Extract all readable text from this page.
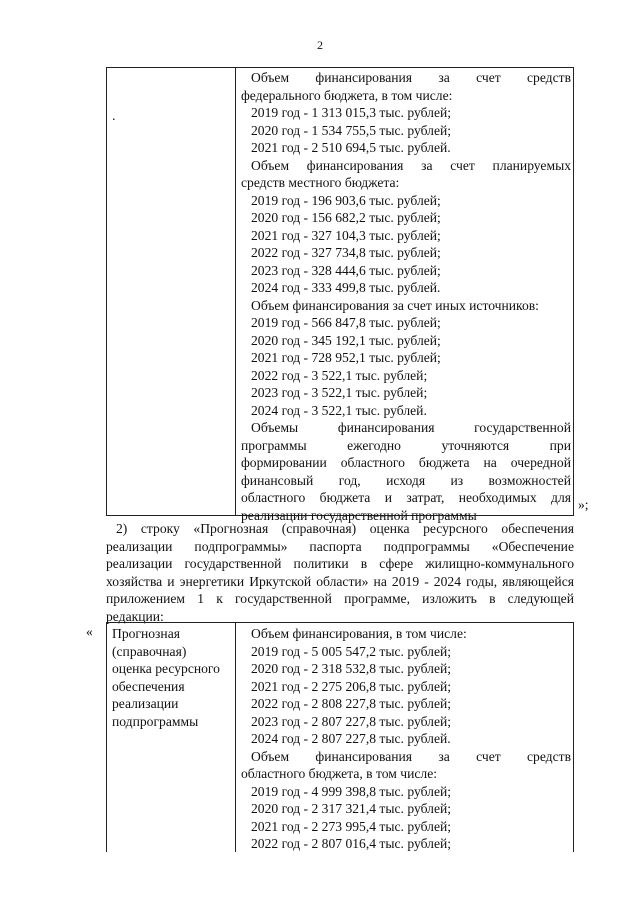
2
.
Объем финансирования за счет средств
федерального бюджета, в том числе:
2019 год - 1 313 015,3 тыс. рублей;
2020 год - 1 534 755,5 тыс. рублей;
2021 год - 2 510 694,5 тыс. рублей.
Объем финансирования за счет планируемых
средств местного бюджета:
2019 год - 196 903,6 тыс. рублей;
2020 год - 156 682,2 тыс. рублей;
2021 год - 327 104,3 тыс. рублей;
2022 год - 327 734,8 тыс. рублей;
2023 год - 328 444,6 тыс. рублей;
2024 год - 333 499,8 тыс. рублей.
Объем финансирования за счет иных источников:
2019 год - 566 847,8 тыс. рублей;
2020 год - 345 192,1 тыс. рублей;
2021 год - 728 952,1 тыс. рублей;
2022 год - 3 522,1 тыс. рублей;
2023 год - 3 522,1 тыс. рублей;
2024 год - 3 522,1 тыс. рублей.
Объемы финансирования государственной
программы ежегодно уточняются при
формировании областного бюджета на очередной
финансовый год, исходя из возможностей
областного бюджета и затрат, необходимых для
реализации государственной программы
»;
2) строку «Прогнозная (справочная) оценка ресурсного обеспечения
реализации подпрограммы» паспорта подпрограммы «Обеспечение
реализации государственной политики в сфере жилищно-коммунального
хозяйства и энергетики Иркутской области» на 2019 - 2024 годы, являющейся
приложением 1 к государственной программе, изложить в следующей
редакции:
« Прогнозная
(справочная)
оценка ресурсного
обеспечения
реализации
подпрограммы
Объем финансирования, в том числе:
2019 год - 5 005 547,2 тыс. рублей;
2020 год - 2 318 532,8 тыс. рублей;
2021 год - 2 275 206,8 тыс. рублей;
2022 год - 2 808 227,8 тыс. рублей;
2023 год - 2 807 227,8 тыс. рублей;
2024 год - 2 807 227,8 тыс. рублей.
Объем финансирования за счет средств
областного бюджета, в том числе:
2019 год - 4 999 398,8 тыс. рублей;
2020 год - 2 317 321,4 тыс. рублей;
2021 год - 2 273 995,4 тыс. рублей;
2022 год - 2 807 016,4 тыс. рублей;
